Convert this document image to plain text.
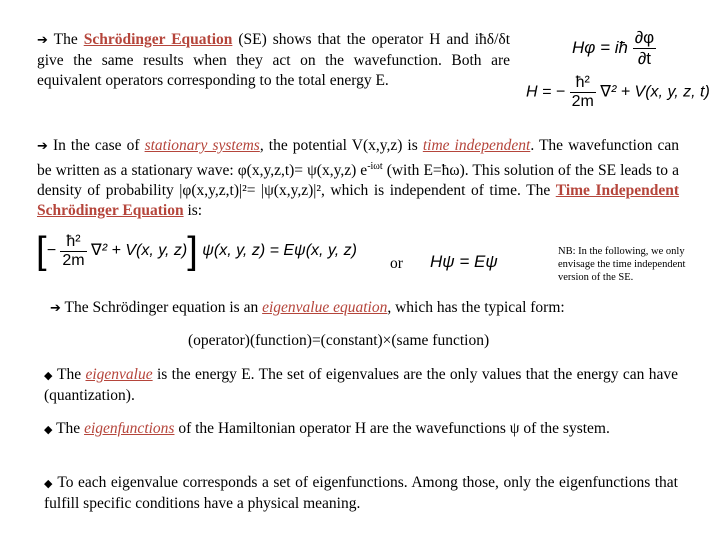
➔ The Schrödinger Equation (SE) shows that the operator H and iħδ/δt give the same results when they act on the wavefunction. Both are equivalent operators corresponding to the total energy E.
Hφ = iħ $\frac{\partial\varphi}{\partial t}$
H = − $\frac{\text{ħ²}}{2m} \nabla^2 + V(x$, y, z, t)
➔ In the case of stationary systems, the potential V(x,y,z) is time independent. The wavefunction can be written as a stationary wave: φ(x,y,z,t)= ψ(x,y,z) $e^{-i\omega t}$ (with E=ħω). This solution of the SE leads to a density of probability |φ(x,y,z,t)|²= |ψ(x,y,z)|², which is independent of time. The Time Independent Schrödinger Equation is:
[− $\frac{\text{ħ²}}{2m} \nabla^2 + V(x$, y, z)] ψ(x, y, z) = Eψ(x, y, z)
or Hψ = Eψ
NB: In the following, we only envisage the time independent version of the SE.
➔ The Schrödinger equation is an eigenvalue equation, which has the typical form:
(operator)(function)=(constant)×(same function)
◆ The eigenvalue is the energy E. The set of eigenvalues are the only values that the energy can have (quantization).
◆ The eigenfunctions of the Hamiltonian operator H are the wavefunctions ψ of the system.
◆ To each eigenvalue corresponds a set of eigenfunctions. Among those, only the eigenfunctions that fulfill specific conditions have a physical meaning.
